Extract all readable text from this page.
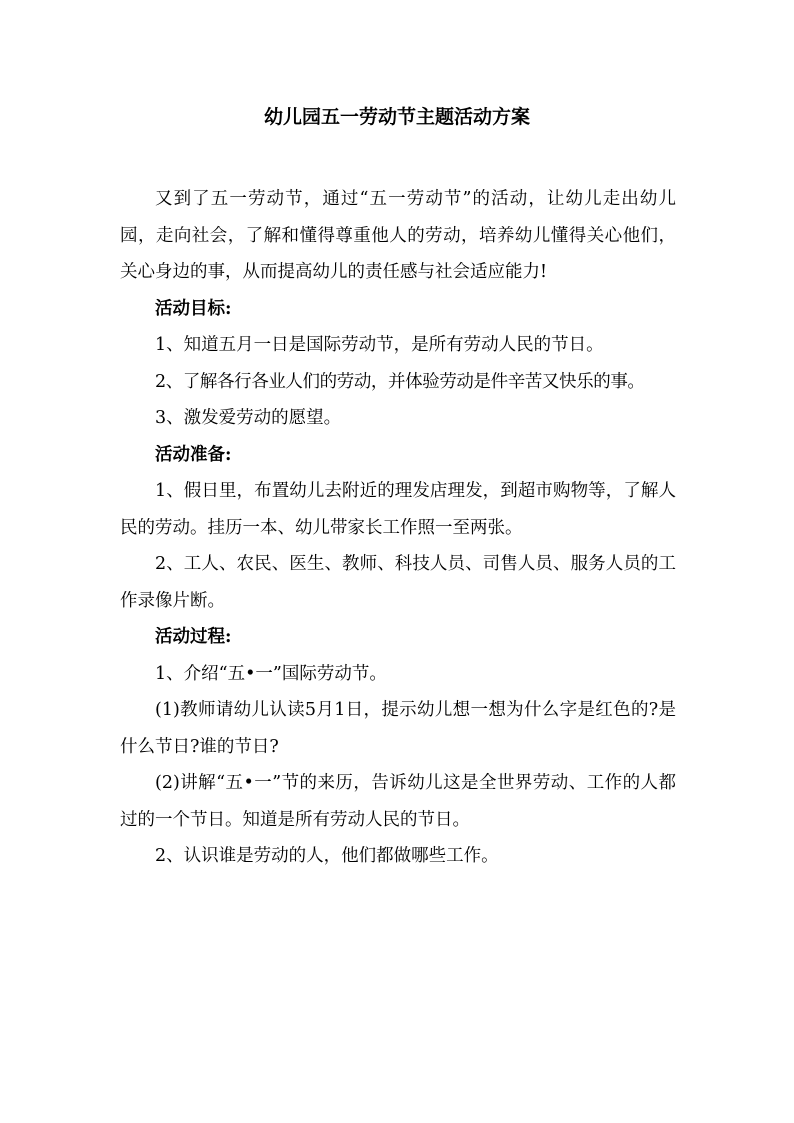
幼儿园五一劳动节主题活动方案

又到了五一劳动节，通过“五一劳动节”的活动，让幼儿走出幼儿园，走向社会，了解和懂得尊重他人的劳动，培养幼儿懂得关心他们，关心身边的事，从而提高幼儿的责任感与社会适应能力!

活动目标:

1、知道五月一日是国际劳动节，是所有劳动人民的节日。

2、了解各行各业人们的劳动，并体验劳动是件辛苦又快乐的事。

3、激发爱劳动的愿望。

活动准备:

1、假日里，布置幼儿去附近的理发店理发，到超市购物等，了解人民的劳动。挂历一本、幼儿带家长工作照一至两张。

2、工人、农民、医生、教师、科技人员、司售人员、服务人员的工作录像片断。

活动过程:

1、介绍“五•一”国际劳动节。

(1)教师请幼儿认读5月1日，提示幼儿想一想为什么字是红色的?是什么节日?谁的节日?

(2)讲解“五•一”节的来历，告诉幼儿这是全世界劳动、工作的人都过的一个节日。知道是所有劳动人民的节日。

2、认识谁是劳动的人，他们都做哪些工作。
